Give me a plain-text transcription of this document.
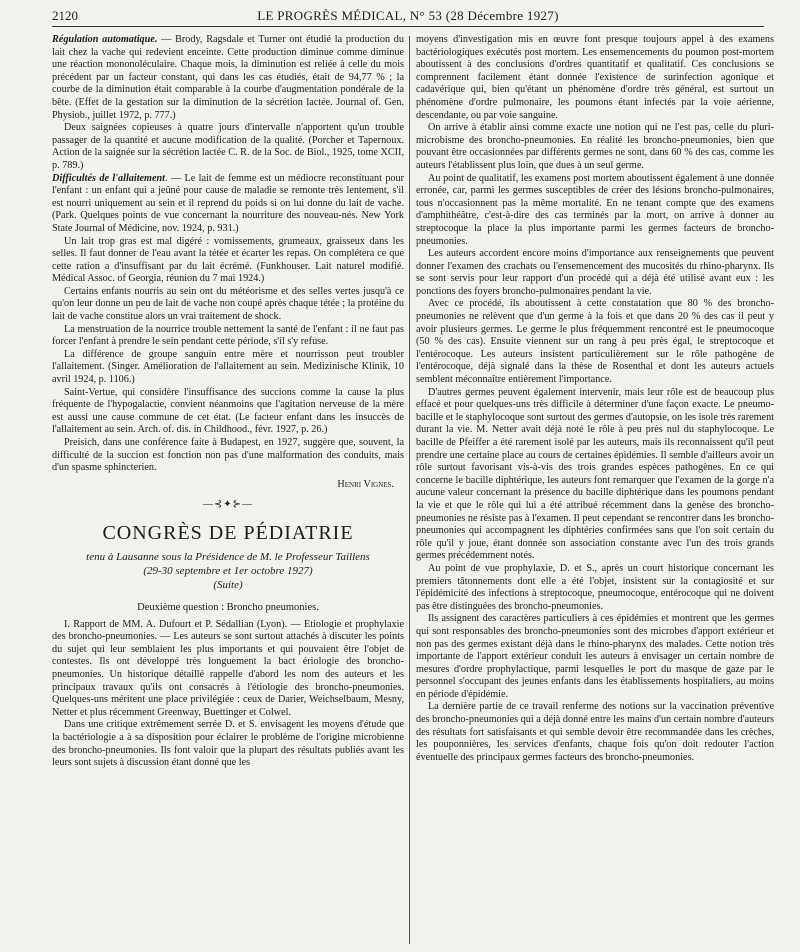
2120	LE PROGRÈS MÉDICAL, N° 53 (28 Décembre 1927)

Régulation automatique. — Brody, Ragsdale et Turner ont étudié la production du lait chez la vache qui redevient enceinte. Cette production diminue comme diminue une réaction mononoléculaire. Chaque mois, la diminution est reliée à celle du mois précédent par un facteur constant, qui dans les cas étudiés, était de 94,77 % ; la courbe de la diminution était comparable à la courbe d'augmentation pondérale de la bête. (Effet de la gestation sur la diminution de la sécrétion lactée. Journal of. Gen. Physiob., juillet 1972, p. 777.)

Deux saignées copieuses à quatre jours d'intervalle n'apportent qu'un trouble passager de la quantité et aucune modification de la qualité. (Porcher et Tapernoux. Action de la saignée sur la sécrétion lactée C. R. de la Soc. de Biol., 1925, tome XCII, p. 789.)

Difficultés de l'allaitement. — Le lait de femme est un médiocre reconstituant pour l'enfant : un enfant qui a jeûné pour cause de maladie se remonte très lentement, s'il est nourri uniquement au sein et il reprend du poids si on lui donne du lait de vache. (Park. Quelques points de vue concernant la nourriture des nouveau-nés. New York State Journal of Médicine, nov. 1924, p. 931.)

Un lait trop gras est mal digéré : vomissements, grumeaux, graisseux dans les selles. Il faut donner de l'eau avant la tétée et écarter les repas. On complétera ce que cette ration a d'insuffisant par du lait écrémé. (Funkhouser. Lait naturel modifié. Médical Assoc. of Georgia, réunion du 7 mai 1924.)

Certains enfants nourris au sein ont du météorisme et des selles vertes jusqu'à ce qu'on leur donne un peu de lait de vache non coupé après chaque tétée ; la protéine du lait de vache constitue alors un vrai traitement de shock.

La menstruation de la nourrice trouble nettement la santé de l'enfant : il ne faut pas forcer l'enfant à prendre le sein pendant cette période, s'il s'y refuse.

La différence de groupe sanguin entre mère et nourrisson peut troubler l'allaitement. (Singer. Amélioration de l'allaitement au sein. Medizinische Klinik, 10 avril 1924, p. 1106.)

Saint-Vertue, qui considère l'insuffisance des succions comme la cause la plus fréquente de l'hypogalactie, convient néanmoins que l'agitation nerveuse de la mère est aussi une cause commune de cet état. (Le facteur enfant dans les insuccès de l'allaitement au sein. Arch. of. dis. in Childhood., févr. 1927, p. 26.)

Preisich, dans une conférence faite à Budapest, en 1927, suggère que, souvent, la difficulté de la succion est fonction non pas d'une malformation des conduits, mais d'un spasme sphincterien.

Henri Vignes.
—⊰✦⊱—
CONGRÈS DE PÉDIATRIE
tenu à Lausanne sous la Présidence de M. le Professeur Taillens
(29-30 septembre et 1er octobre 1927)
(Suite)
Deuxième question : Broncho pneumonies.

I. Rapport de MM. A. Dufourt et P. Sédallian (Lyon). — Etiologie et prophylaxie des broncho-pneumonies. — Les auteurs se sont surtout attachés à discuter les points du sujet qui leur semblaient les plus importants et qui pouvaient être l'objet de contestes. Ils ont développé très longuement la bact ériologie des broncho-pneumonies. Un historique détaillé rappelle d'abord les nom des auteurs et les principaux travaux qu'ils ont consacrés à l'étiologie des broncho-pneumonies. Quelques-uns méritent une place privilégiée : ceux de Darier, Weichselbaum, Mesny, Netter et plus récemment Greenway, Buettinger et Colwel.

Dans une critique extrêmement serrée D. et S. envisagent les moyens d'étude que la bactériologie a à sa disposition pour éclairer le problème de l'origine microbienne des broncho-pneumonies. Ils font valoir que la plupart des résultats publiés avant les leurs sont sujets à discussion étant donné que les

moyens d'investigation mis en œuvre font presque toujours appel à des examens bactériologiques exécutés post mortem. Les ensemencements du poumon post-mortem aboutissent à des conclusions d'ordres quantitatif et qualitatif. Ces conclusions se comprennent facilement étant donnée l'existence de surinfection agonique et cadavérique qui, bien qu'étant un phénomène d'ordre très général, est surtout un phénomène d'ordre pulmonaire, les poumons étant infectés par la voie aérienne, descendante, ou par voie sanguine.

On arrive à établir ainsi comme exacte une notion qui ne l'est pas, celle du pluri-microbisme des broncho-pneumonies. En réalité les broncho-pneumonies, bien que pouvant être occasionnées par différents germes ne sont, dans 60 % des cas, comme les auteurs l'établissent plus loin, que dues à un seul germe.

Au point de qualitatif, les examens post mortem aboutissent également à une donnée erronée, car, parmi les germes susceptibles de créer des lésions broncho-pulmonaires, tous n'occasionnent pas la même mortalité. En ne tenant compte que des examens d'amphithéâtre, c'est-à-dire des cas terminés par la mort, on arrive à donner au streptocoque la place la plus importante parmi les germes facteurs de broncho-pneumonies.

Les auteurs accordent encore moins d'importance aux renseignements que peuvent donner l'examen des crachats ou l'ensemencement des mucosités du rhino-pharynx. Ils se sont servis pour leur rapport d'un procédé qui a déjà été utilisé avant eux : les ponctions des foyers broncho-pulmonaires pendant la vie.

Avec ce procédé, ils aboutissent à cette constatation que 80 % des broncho-pneumonies ne relèvent que d'un germe à la fois et que dans 20 % des cas il peut y avoir plusieurs germes. Le germe le plus fréquemment rencontré est le pneumocoque (50 % des cas). Ensuite viennent sur un rang à peu près égal, le streptocoque et l'entérocoque. Les auteurs insistent particulièrement sur le rôle pathogène de l'entérocoque, déjà signalé dans la thèse de Rosenthal et dont les auteurs actuels semblent méconnaître entièrement l'importance.

D'autres germes peuvent également intervenir, mais leur rôle est de beaucoup plus effacé et pour quelques-uns très difficile à déterminer d'une façon exacte. Le pneumo-bacille et le staphylocoque sont surtout des germes d'autopsie, on les isole très rarement durant la vie. M. Netter avait déjà noté le rôle à peu près nul du staphylocoque. Le bacille de Pfeiffer a été rarement isolé par les auteurs, mais ils reconnaissent qu'il peut prendre une certaine place au cours de certaines épidémies. Il semble d'ailleurs avoir un rôle surtout favorisant vis-à-vis des trois grandes espèces pathogènes. En ce qui concerne le bacille diphtérique, les auteurs font remarquer que l'examen de la gorge n'a aucune valeur concernant la présence du bacille diphtérique dans les poumons pendant la vie et que le rôle qui lui a été attribué récemment dans la genèse des broncho-pneumonies ne résiste pas à l'examen. Il peut cependant se rencontrer dans les broncho-pneumonies qui accompagnent les diphtéries confirmées sans que l'on soit certain du rôle qu'il y joue, étant donnée son association constante avec l'un des trois grands germes précédemment notés.

Au point de vue prophylaxie, D. et S., après un court historique concernant les premiers tâtonnements dont elle a été l'objet, insistent sur la contagiosité et sur l'épidémicité des infections à streptocoque, pneumocoque, entérocoque qui ne doivent pas être distinguées des broncho-pneumonies.

Ils assignent des caractères particuliers à ces épidémies et montrent que les germes qui sont responsables des broncho-pneumonies sont des microbes d'apport extérieur et non pas des germes existant déjà dans le rhino-pharynx des malades. Cette notion très importante de l'apport extérieur conduit les auteurs à envisager un certain nombre de mesures d'ordre prophylactique, parmi lesquelles le port du masque de gaze par le personnel s'occupant des jeunes enfants dans les établissements hospitaliers, au moins en période d'épidémie.

La dernière partie de ce travail renferme des notions sur la vaccination préventive des broncho-pneumonies qui a déjà donné entre les mains d'un certain nombre d'auteurs des résultats fort satisfaisants et qui semble devoir être recommandée dans les crèches, les pouponnières, les services d'enfants, chaque fois qu'on doit redouter l'action éventuelle des principaux germes facteurs des broncho-pneumonies.
